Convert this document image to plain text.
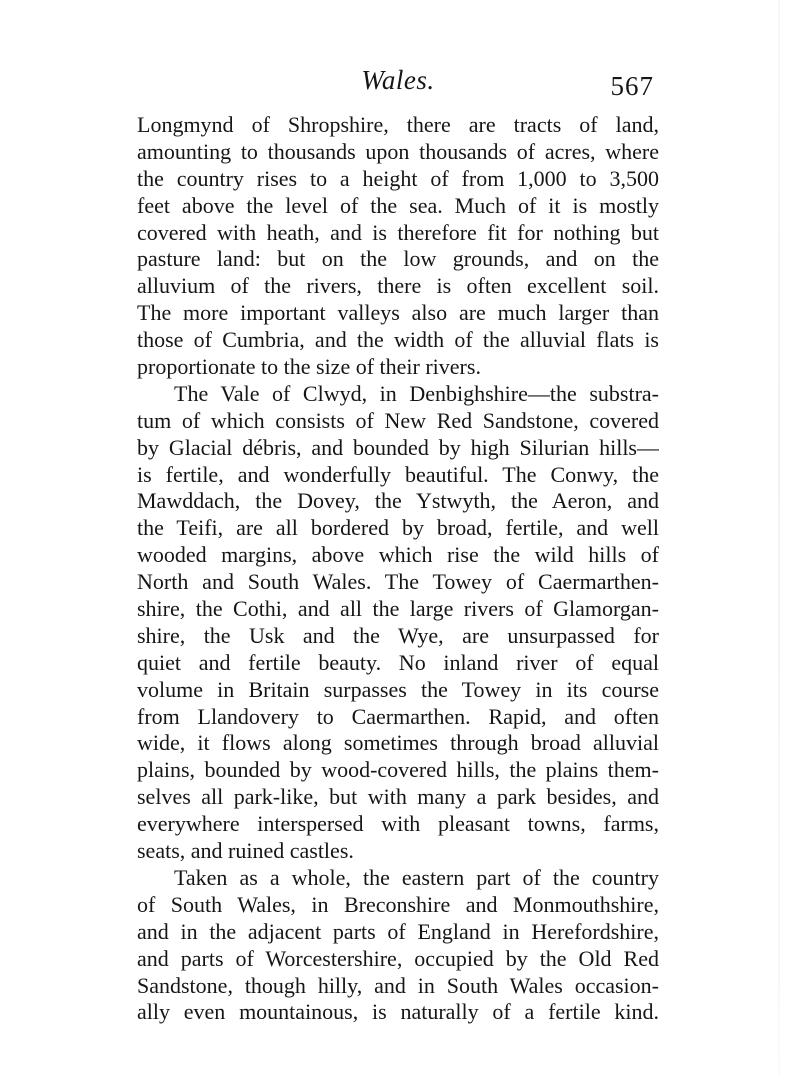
Wales.	567
Longmynd of Shropshire, there are tracts of land,
amounting to thousands upon thousands of acres, where
the country rises to a height of from 1,000 to 3,500
feet above the level of the sea. Much of it is mostly
covered with heath, and is therefore fit for nothing but
pasture land: but on the low grounds, and on the
alluvium of the rivers, there is often excellent soil.
The more important valleys also are much larger than
those of Cumbria, and the width of the alluvial flats is
proportionate to the size of their rivers.
The Vale of Clwyd, in Denbighshire—the substra-
tum of which consists of New Red Sandstone, covered
by Glacial débris, and bounded by high Silurian hills—
is fertile, and wonderfully beautiful. The Conwy, the
Mawddach, the Dovey, the Ystwyth, the Aeron, and
the Teifi, are all bordered by broad, fertile, and well
wooded margins, above which rise the wild hills of
North and South Wales. The Towey of Caermarthen-
shire, the Cothi, and all the large rivers of Glamorgan-
shire, the Usk and the Wye, are unsurpassed for
quiet and fertile beauty. No inland river of equal
volume in Britain surpasses the Towey in its course
from Llandovery to Caermarthen. Rapid, and often
wide, it flows along sometimes through broad alluvial
plains, bounded by wood-covered hills, the plains them-
selves all park-like, but with many a park besides, and
everywhere interspersed with pleasant towns, farms,
seats, and ruined castles.
Taken as a whole, the eastern part of the country
of South Wales, in Breconshire and Monmouthshire,
and in the adjacent parts of England in Herefordshire,
and parts of Worcestershire, occupied by the Old Red
Sandstone, though hilly, and in South Wales occasion-
ally even mountainous, is naturally of a fertile kind.
